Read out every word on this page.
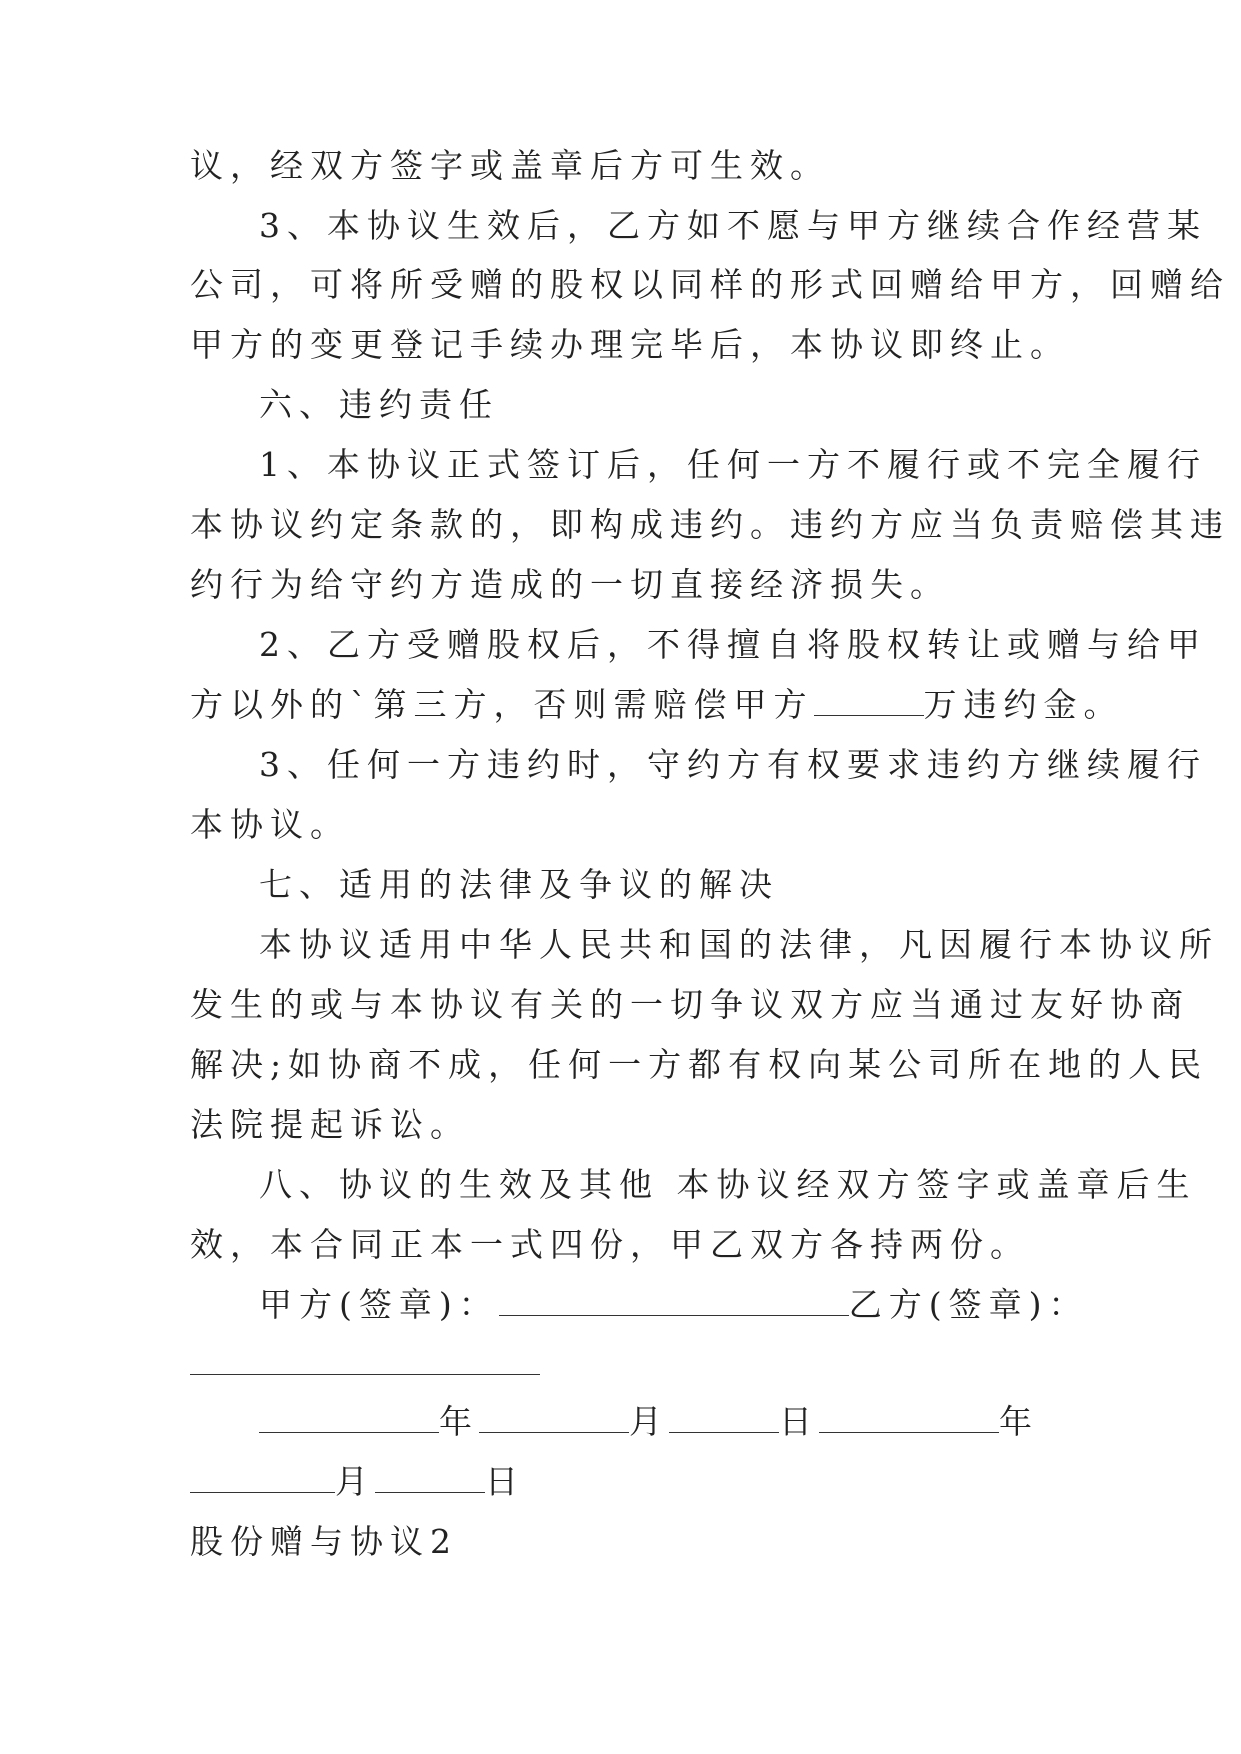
议，经双方签字或盖章后方可生效。
3、本协议生效后，乙方如不愿与甲方继续合作经营某
公司，可将所受赠的股权以同样的形式回赠给甲方，回赠给
甲方的变更登记手续办理完毕后，本协议即终止。
六、违约责任
1、本协议正式签订后，任何一方不履行或不完全履行
本协议约定条款的，即构成违约。违约方应当负责赔偿其违
约行为给守约方造成的一切直接经济损失。
2、乙方受赠股权后，不得擅自将股权转让或赠与给甲
方以外的`第三方，否则需赔偿甲方	万违约金。
3、任何一方违约时，守约方有权要求违约方继续履行
本协议。
七、适用的法律及争议的解决
本协议适用中华人民共和国的法律，凡因履行本协议所
发生的或与本协议有关的一切争议双方应当通过友好协商
解决;如协商不成，任何一方都有权向某公司所在地的人民
法院提起诉讼。
八、协议的生效及其他 本协议经双方签字或盖章后生
效，本合同正本一式四份，甲乙双方各持两份。
甲方(签章)：	乙方(签章)：
年	月	日	年
月	日
股份赠与协议2
